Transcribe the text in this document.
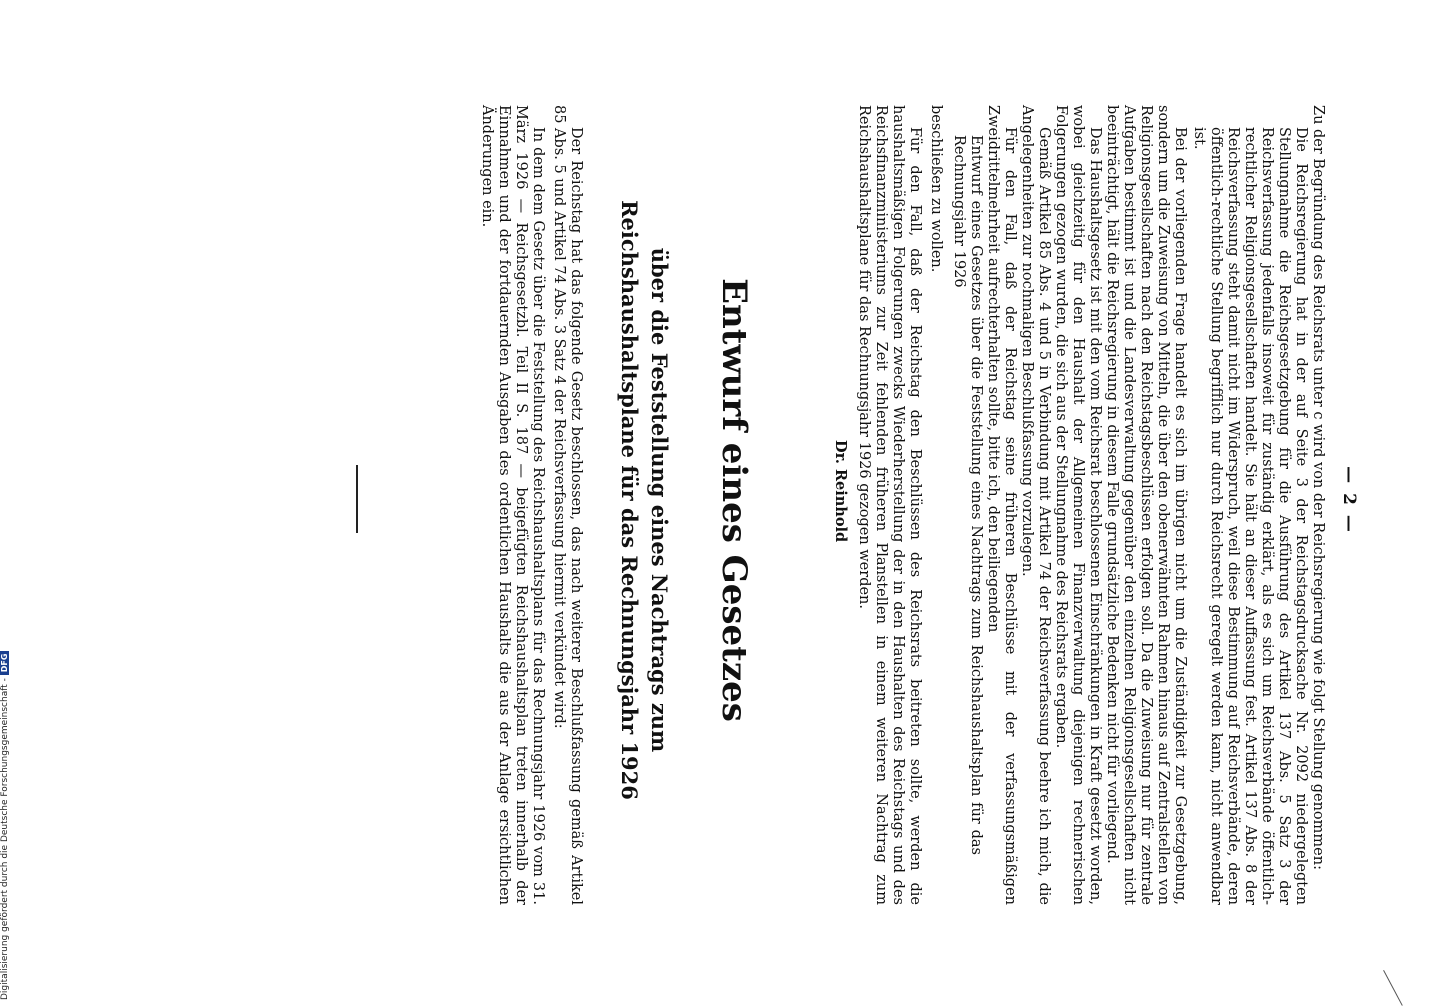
Digitalisierung gefördert durch die Deutsche Forschungsgemeinschaft - DFG
— 2 —

Zu der Begründung des Reichsrats unter c wird von der Reichsregierung wie folgt Stellung genommen:

Die Reichsregierung hat in der auf Seite 3 der Reichstagsdrucksache Nr. 2092 niedergelegten Stellungnahme die Reichsgesetzgebung für die Ausführung des Artikel 137 Abs. 5 Satz 3 der Reichsverfassung jedenfalls insoweit für zuständig erklärt, als es sich um Reichsverbände öffentlich-rechtlicher Religionsgesellschaften handelt. Sie hält an dieser Auffassung fest. Artikel 137 Abs. 8 der Reichsverfassung steht damit nicht im Widerspruch, weil diese Bestimmung auf Reichsverbände, deren öffentlich-rechtliche Stellung begrifflich nur durch Reichsrecht geregelt werden kann, nicht anwendbar ist.

Bei der vorliegenden Frage handelt es sich im übrigen nicht um die Zuständigkeit zur Gesetzgebung, sondern um die Zuweisung von Mitteln, die über den obenerwähnten Rahmen hinaus auf Zentralstellen von Religionsgesellschaften nach den Reichstagsbeschlüssen erfolgen soll. Da die Zuweisung nur für zentrale Aufgaben bestimmt ist und die Landesverwaltung gegenüber den einzelnen Religionsgesellschaften nicht beeinträchtigt, hält die Reichsregierung in diesem Falle grundsätzliche Bedenken nicht für vorliegend.

Das Haushaltsgesetz ist mit den vom Reichsrat beschlossenen Einschränkungen in Kraft gesetzt worden, wobei gleichzeitig für den Haushalt der Allgemeinen Finanzverwaltung diejenigen rechnerischen Folgerungen gezogen wurden, die sich aus der Stellungnahme des Reichsrats ergaben.

Gemäß Artikel 85 Abs. 4 und 5 in Verbindung mit Artikel 74 der Reichsverfassung beehre ich mich, die Angelegenheiten zur nochmaligen Beschlußfassung vorzulegen.

Für den Fall, daß der Reichstag seine früheren Beschlüsse mit der verfassungsmäßigen Zweidrittelmehrheit aufrechterhalten sollte, bitte ich, den beiliegenden

Entwurf eines Gesetzes über die Feststellung eines Nachtrags zum Reichshaushaltsplan für das Rechnungsjahr 1926

beschließen zu wollen.

Für den Fall, daß der Reichstag den Beschlüssen des Reichsrats beitreten sollte, werden die haushaltsmäßigen Folgerungen zwecks Wiederherstellung der in den Haushalten des Reichstags und des Reichsfinanzministeriums zur Zeit fehlenden früheren Planstellen in einem weiteren Nachtrag zum Reichshaushaltsplane für das Rechnungsjahr 1926 gezogen werden.

Dr. Reinhold
Entwurf eines Gesetzes
über die Feststellung eines Nachtrags zum Reichshaushaltsplane für das Rechnungsjahr 1926

Der Reichstag hat das folgende Gesetz beschlossen, das nach weiterer Beschlußfassung gemäß Artikel 85 Abs. 5 und Artikel 74 Abs. 3 Satz 4 der Reichsverfassung hiermit verkündet wird:

In dem dem Gesetz über die Feststellung des Reichshaushaltsplans für das Rechnungsjahr 1926 vom 31. März 1926 — Reichsgesetzbl. Teil II S. 187 — beigefügten Reichshaushaltsplan treten innerhalb der Einnahmen und der fortdauernden Ausgaben des ordentlichen Haushalts die aus der Anlage ersichtlichen Änderungen ein.
